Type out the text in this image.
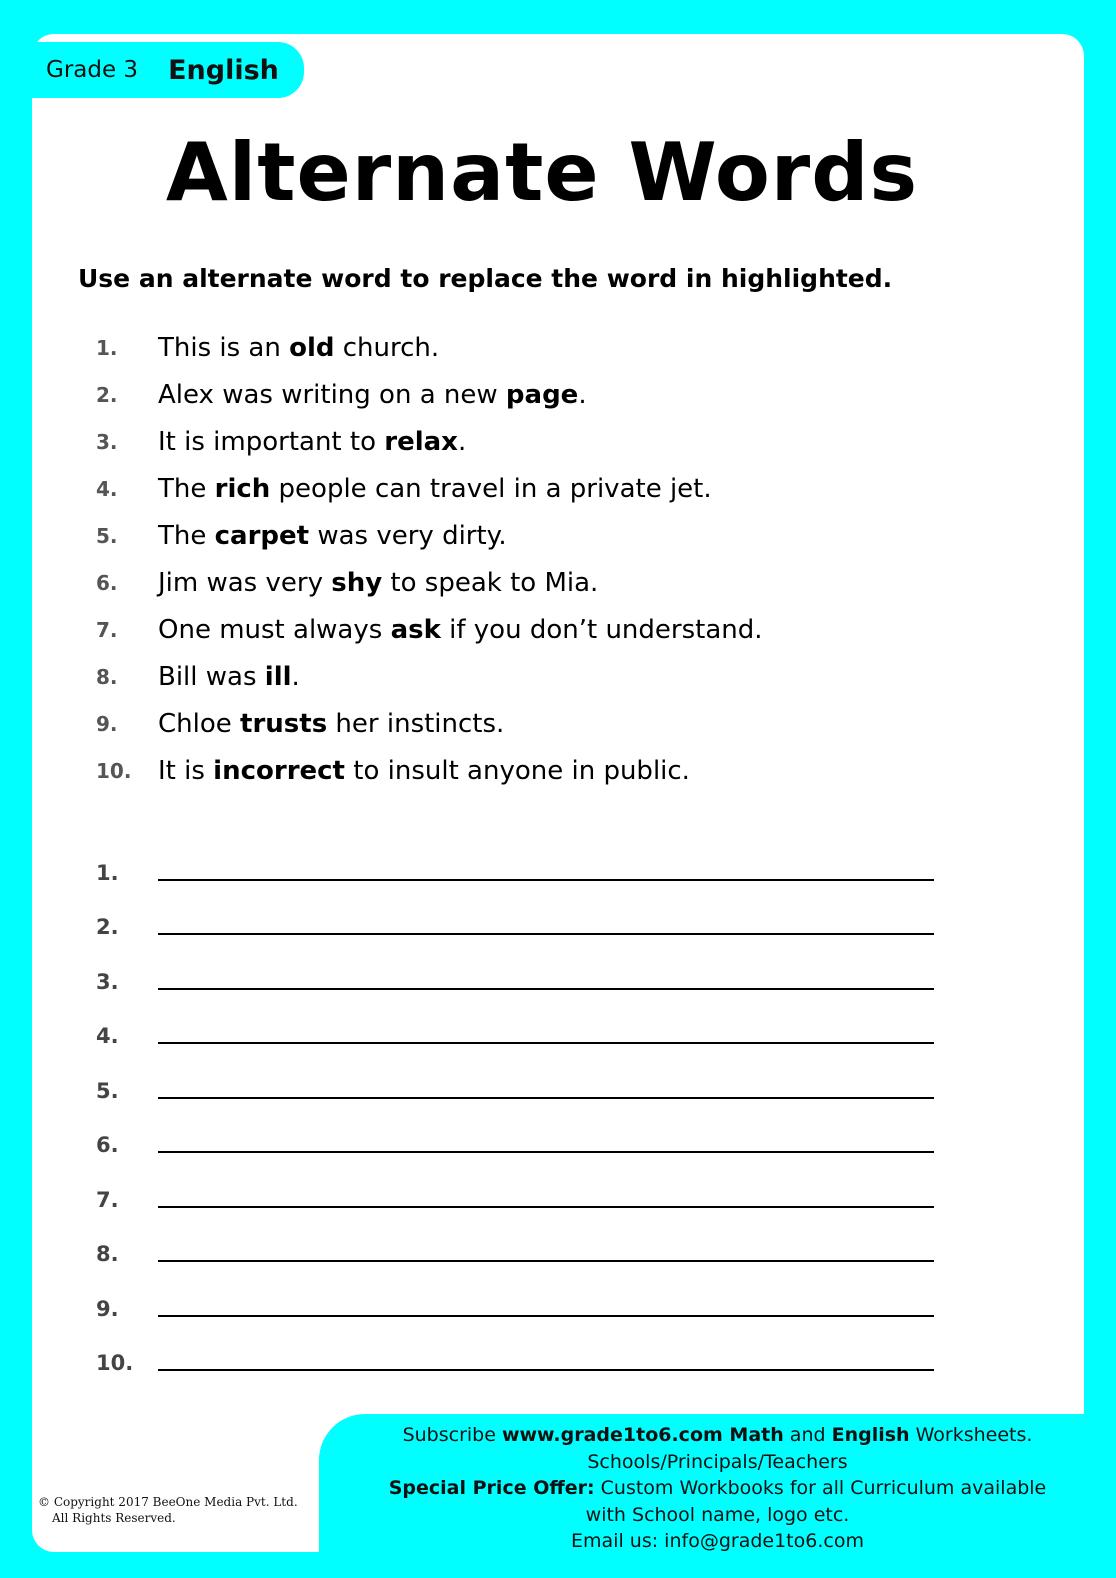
Grade 3 English
Alternate Words
Use an alternate word to replace the word in highlighted.
1.	This is an old church.
2.	Alex was writing on a new page.
3.	It is important to relax.
4.	The rich people can travel in a private jet.
5.	The carpet was very dirty.
6.	Jim was very shy to speak to Mia.
7.	One must always ask if you don’t understand.
8.	Bill was ill.
9.	Chloe trusts her instincts.
10.	It is incorrect to insult anyone in public.
1.
2.
3.
4.
5.
6.
7.
8.
9.
10.
© Copyright 2017 BeeOne Media Pvt. Ltd.
All Rights Reserved.
Subscribe www.grade1to6.com Math and English Worksheets.
Schools/Principals/Teachers
Special Price Offer: Custom Workbooks for all Curriculum available
with School name, logo etc.
Email us: info@grade1to6.com
